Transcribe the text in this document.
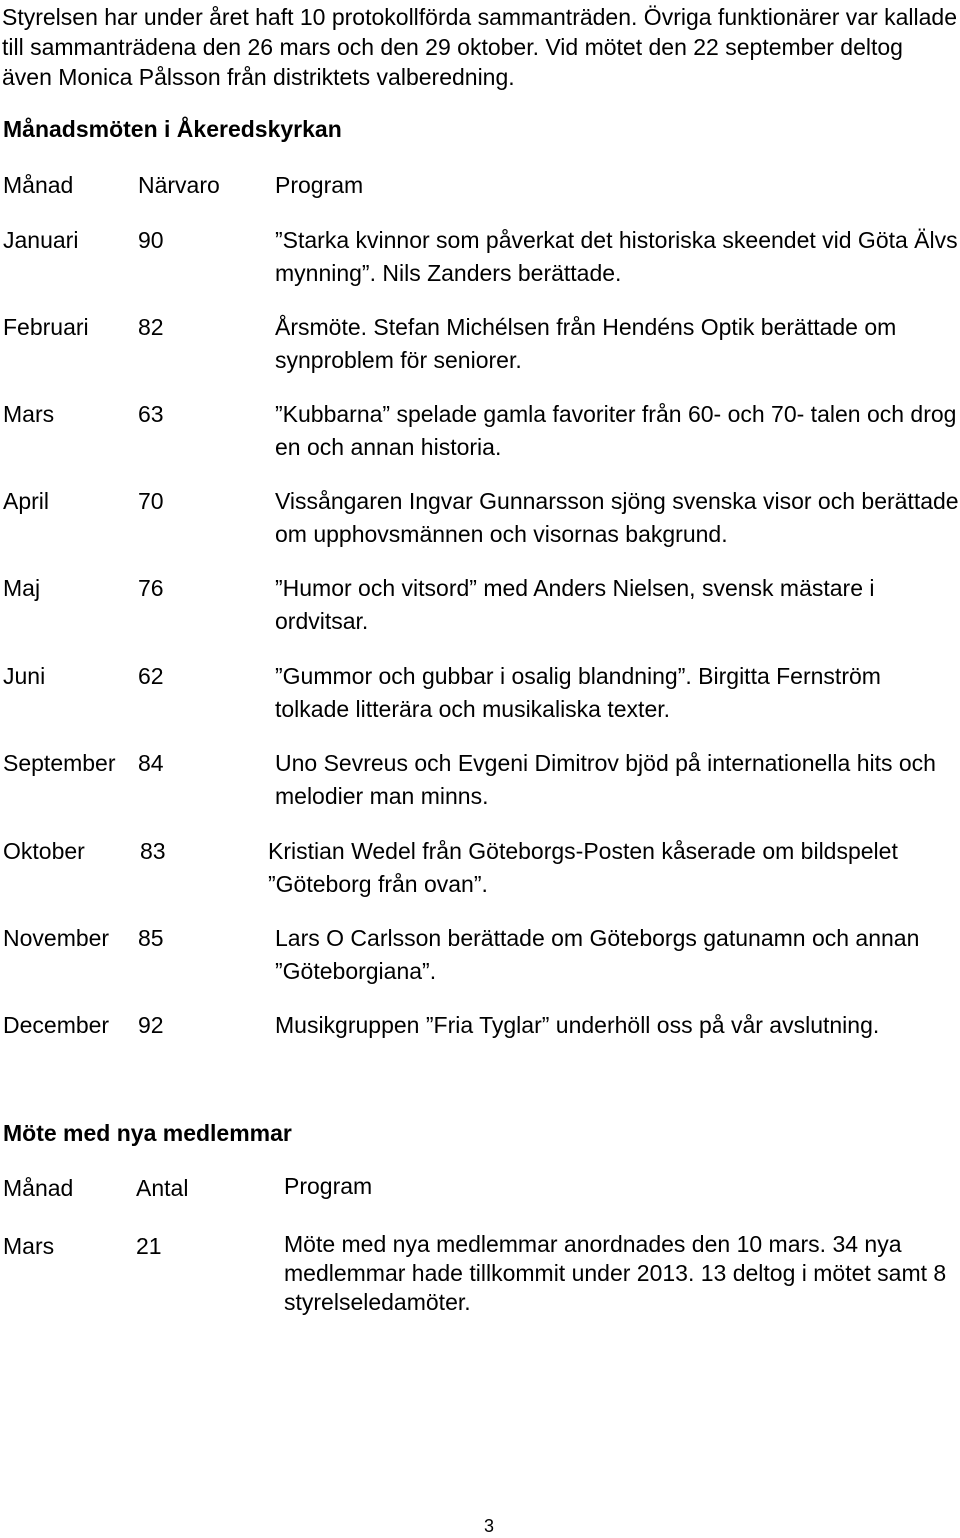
Styrelsen har under året haft 10 protokollförda sammanträden. Övriga funktionärer var kallade till sammanträdena den 26 mars och den 29 oktober. Vid mötet den 22 september deltog även Monica Pålsson från distriktets valberedning.

Månadsmöten i Åkeredskyrkan
Månad	Närvaro Program
Januari	90	”Starka kvinnor som påverkat det historiska skeendet vid Göta Älvs mynning”. Nils Zanders berättade.
Februari 82	Årsmöte. Stefan Michélsen från Hendéns Optik berättade om synproblem för seniorer.
Mars	63	”Kubbarna” spelade gamla favoriter från 60- och 70- talen och drog en och annan historia.
April	70	Vissångaren Ingvar Gunnarsson sjöng svenska visor och berättade om upphovsmännen och visornas bakgrund.
Maj	76	”Humor och vitsord” med Anders Nielsen, svensk mästare i ordvitsar.
Juni	62	”Gummor och gubbar i osalig blandning”. Birgitta Fernström tolkade litterära och musikaliska texter.
September 84	Uno Sevreus och Evgeni Dimitrov bjöd på internationella hits och melodier man minns.
Oktober 83	Kristian Wedel från Göteborgs-Posten kåserade om bildspelet ”Göteborg från ovan”.
November 85	Lars O Carlsson berättade om Göteborgs gatunamn och annan ”Göteborgiana”.
December 92	Musikgruppen ”Fria Tyglar” underhöll oss på vår avslutning.
Möte med nya medlemmar
Månad	Antal	Program
Mars	21	Möte med nya medlemmar anordnades den 10 mars. 34 nya medlemmar hade tillkommit under 2013. 13 deltog i mötet samt 8 styrelseledamöter.
3
